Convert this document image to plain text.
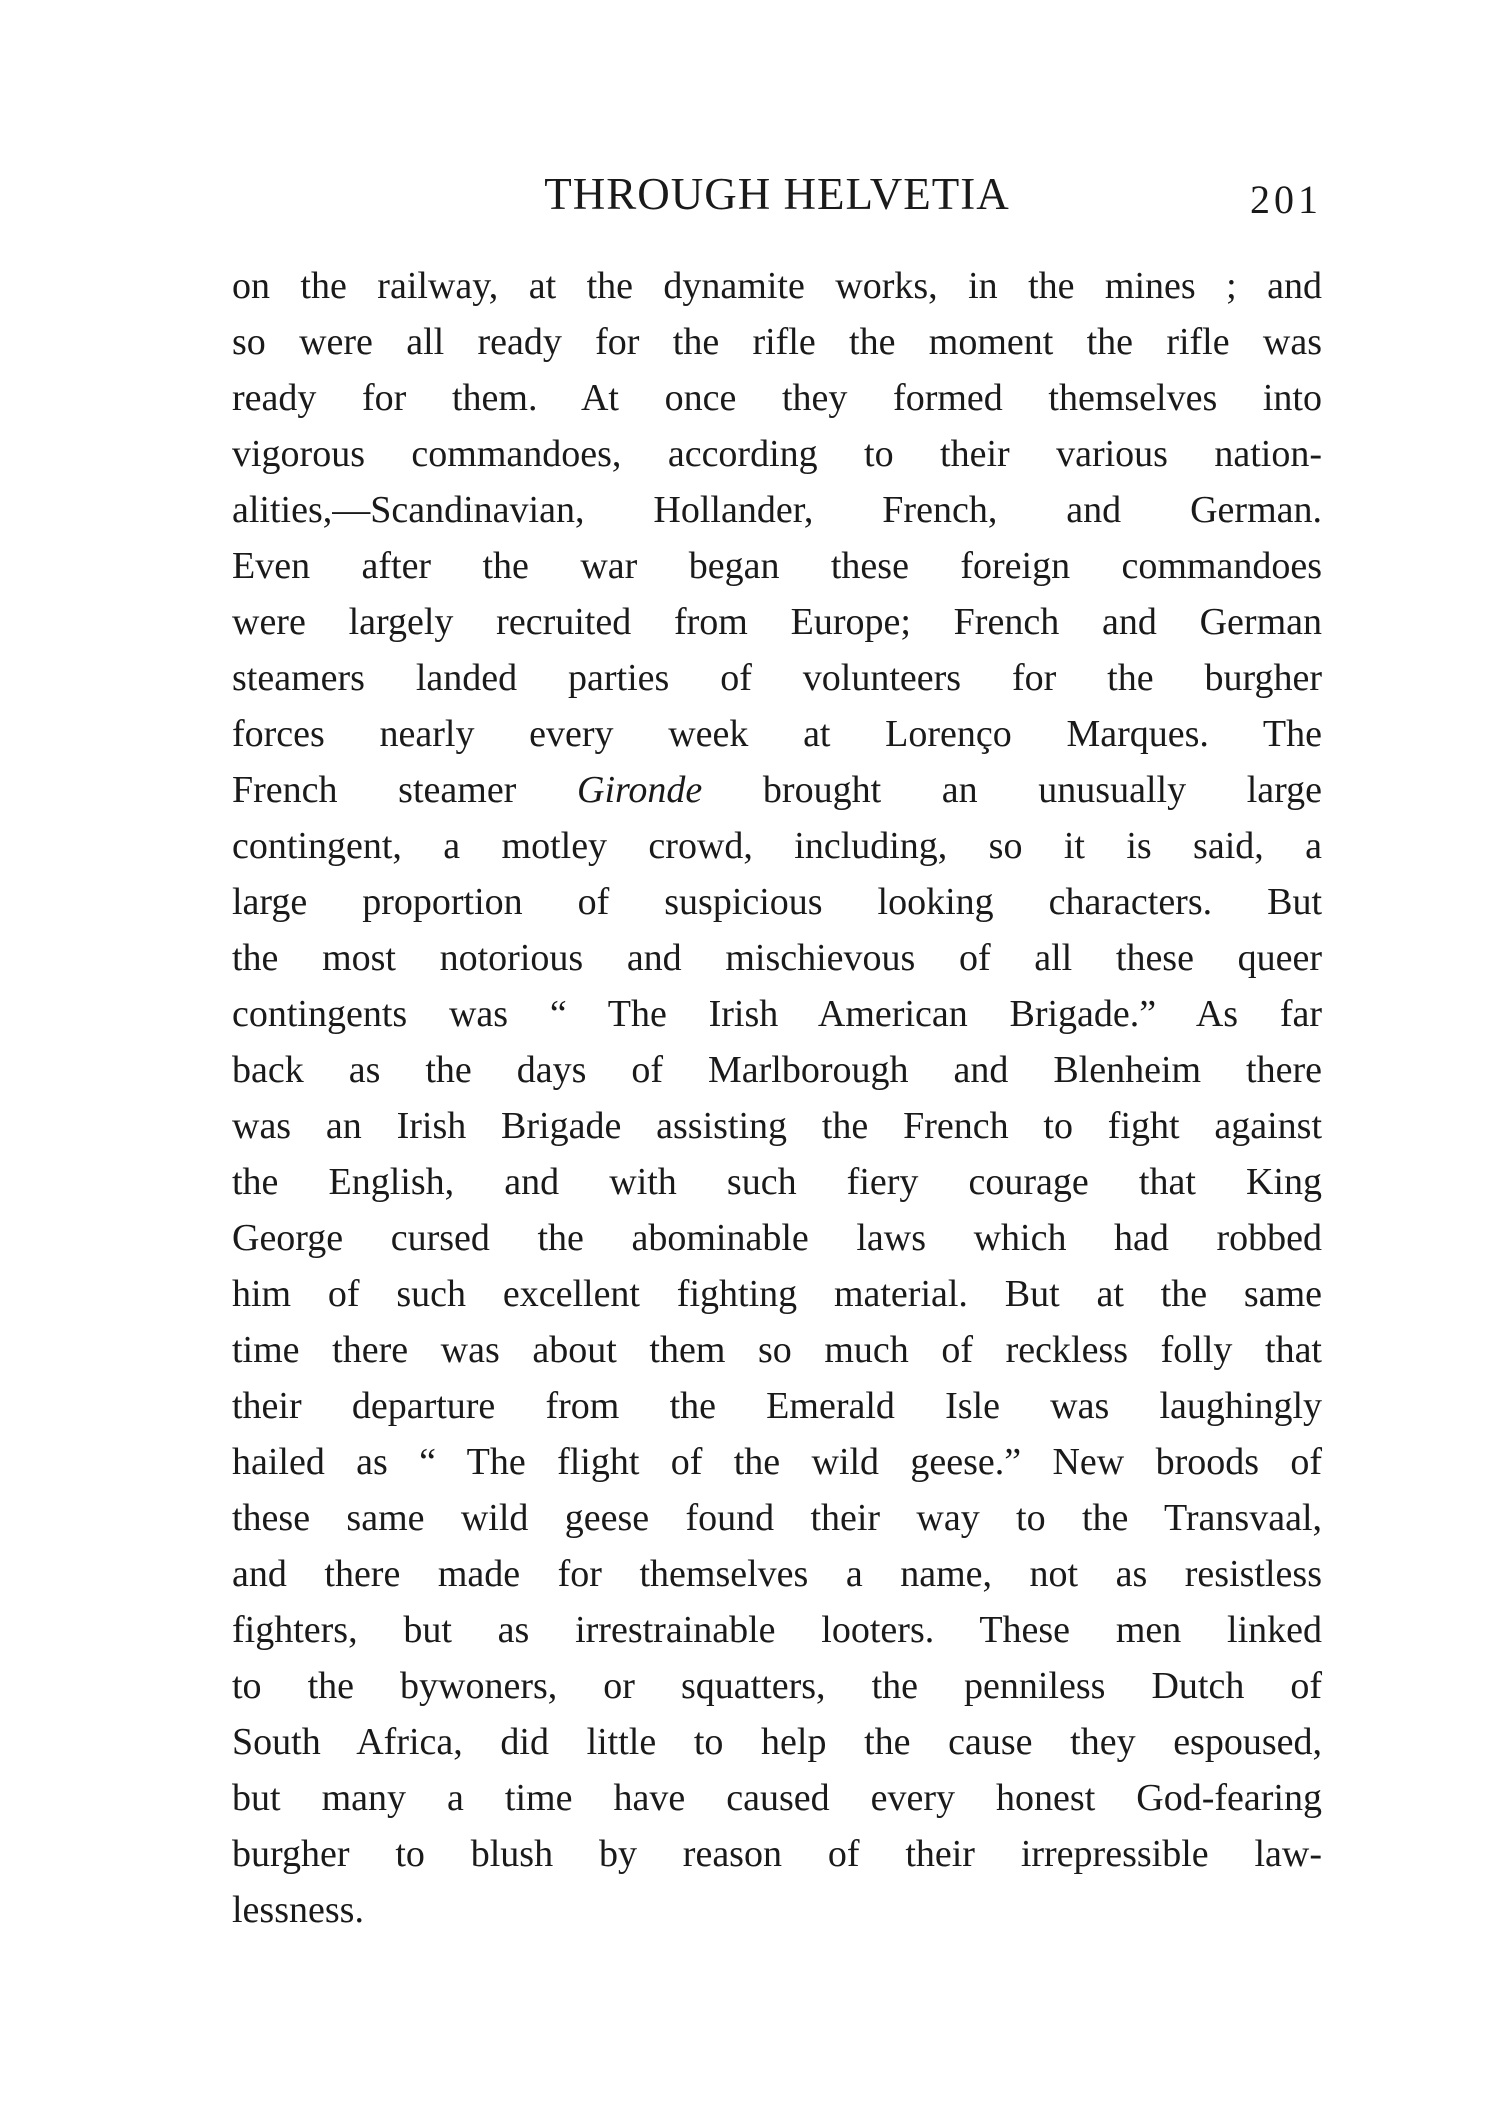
THROUGH HELVETIA	201
on the railway, at the dynamite works, in the mines ; and
so were all ready for the rifle the moment the rifle was
ready for them. At once they formed themselves into
vigorous commandoes, according to their various nation-
alities,—Scandinavian, Hollander, French, and German.
Even after the war began these foreign commandoes
were largely recruited from Europe; French and German
steamers landed parties of volunteers for the burgher
forces nearly every week at Lorenço Marques. The
French steamer Gironde brought an unusually large
contingent, a motley crowd, including, so it is said, a
large proportion of suspicious looking characters. But
the most notorious and mischievous of all these queer
contingents was “ The Irish American Brigade.” As far
back as the days of Marlborough and Blenheim there
was an Irish Brigade assisting the French to fight against
the English, and with such fiery courage that King
George cursed the abominable laws which had robbed
him of such excellent fighting material. But at the same
time there was about them so much of reckless folly that
their departure from the Emerald Isle was laughingly
hailed as “ The flight of the wild geese.” New broods of
these same wild geese found their way to the Transvaal,
and there made for themselves a name, not as resistless
fighters, but as irrestrainable looters. These men linked
to the bywoners, or squatters, the penniless Dutch of
South Africa, did little to help the cause they espoused,
but many a time have caused every honest God-fearing
burgher to blush by reason of their irrepressible law-
lessness.
